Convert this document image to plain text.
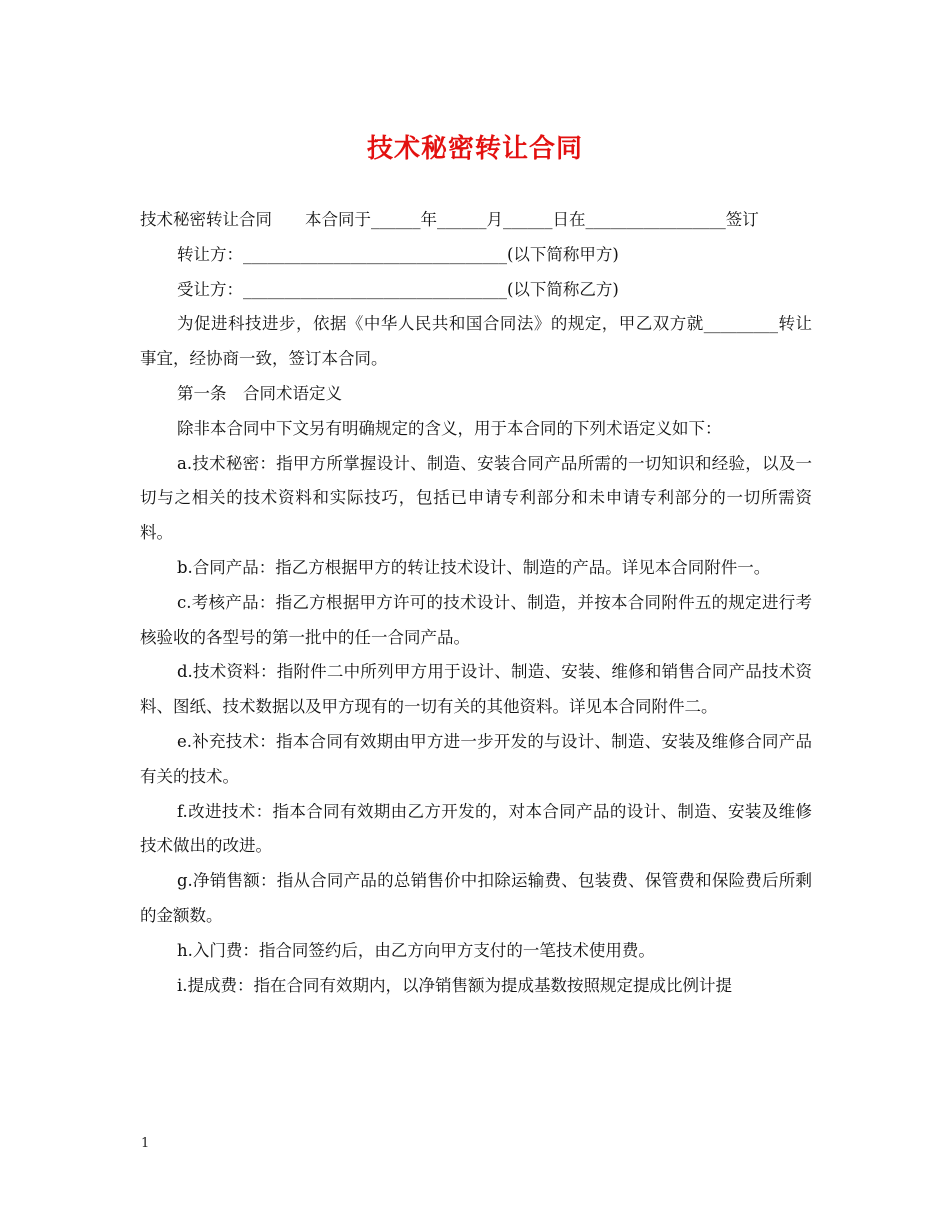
技术秘密转让合同

技术秘密转让合同　　本合同于______年______月______日在_________________签订

转让方：________________________________(以下简称甲方)

受让方：________________________________(以下简称乙方)

为促进科技进步，依据《中华人民共和国合同法》的规定，甲乙双方就_________转让事宜，经协商一致，签订本合同。

第一条　合同术语定义

除非本合同中下文另有明确规定的含义，用于本合同的下列术语定义如下：

a.技术秘密：指甲方所掌握设计、制造、安装合同产品所需的一切知识和经验，以及一切与之相关的技术资料和实际技巧，包括已申请专利部分和未申请专利部分的一切所需资料。

b.合同产品：指乙方根据甲方的转让技术设计、制造的产品。详见本合同附件一。

c.考核产品：指乙方根据甲方许可的技术设计、制造，并按本合同附件五的规定进行考核验收的各型号的第一批中的任一合同产品。

d.技术资料：指附件二中所列甲方用于设计、制造、安装、维修和销售合同产品技术资料、图纸、技术数据以及甲方现有的一切有关的其他资料。详见本合同附件二。

e.补充技术：指本合同有效期由甲方进一步开发的与设计、制造、安装及维修合同产品有关的技术。

f.改进技术：指本合同有效期由乙方开发的，对本合同产品的设计、制造、安装及维修技术做出的改进。

g.净销售额：指从合同产品的总销售价中扣除运输费、包装费、保管费和保险费后所剩的金额数。

h.入门费：指合同签约后，由乙方向甲方支付的一笔技术使用费。

i.提成费：指在合同有效期内，以净销售额为提成基数按照规定提成比例计提

1
